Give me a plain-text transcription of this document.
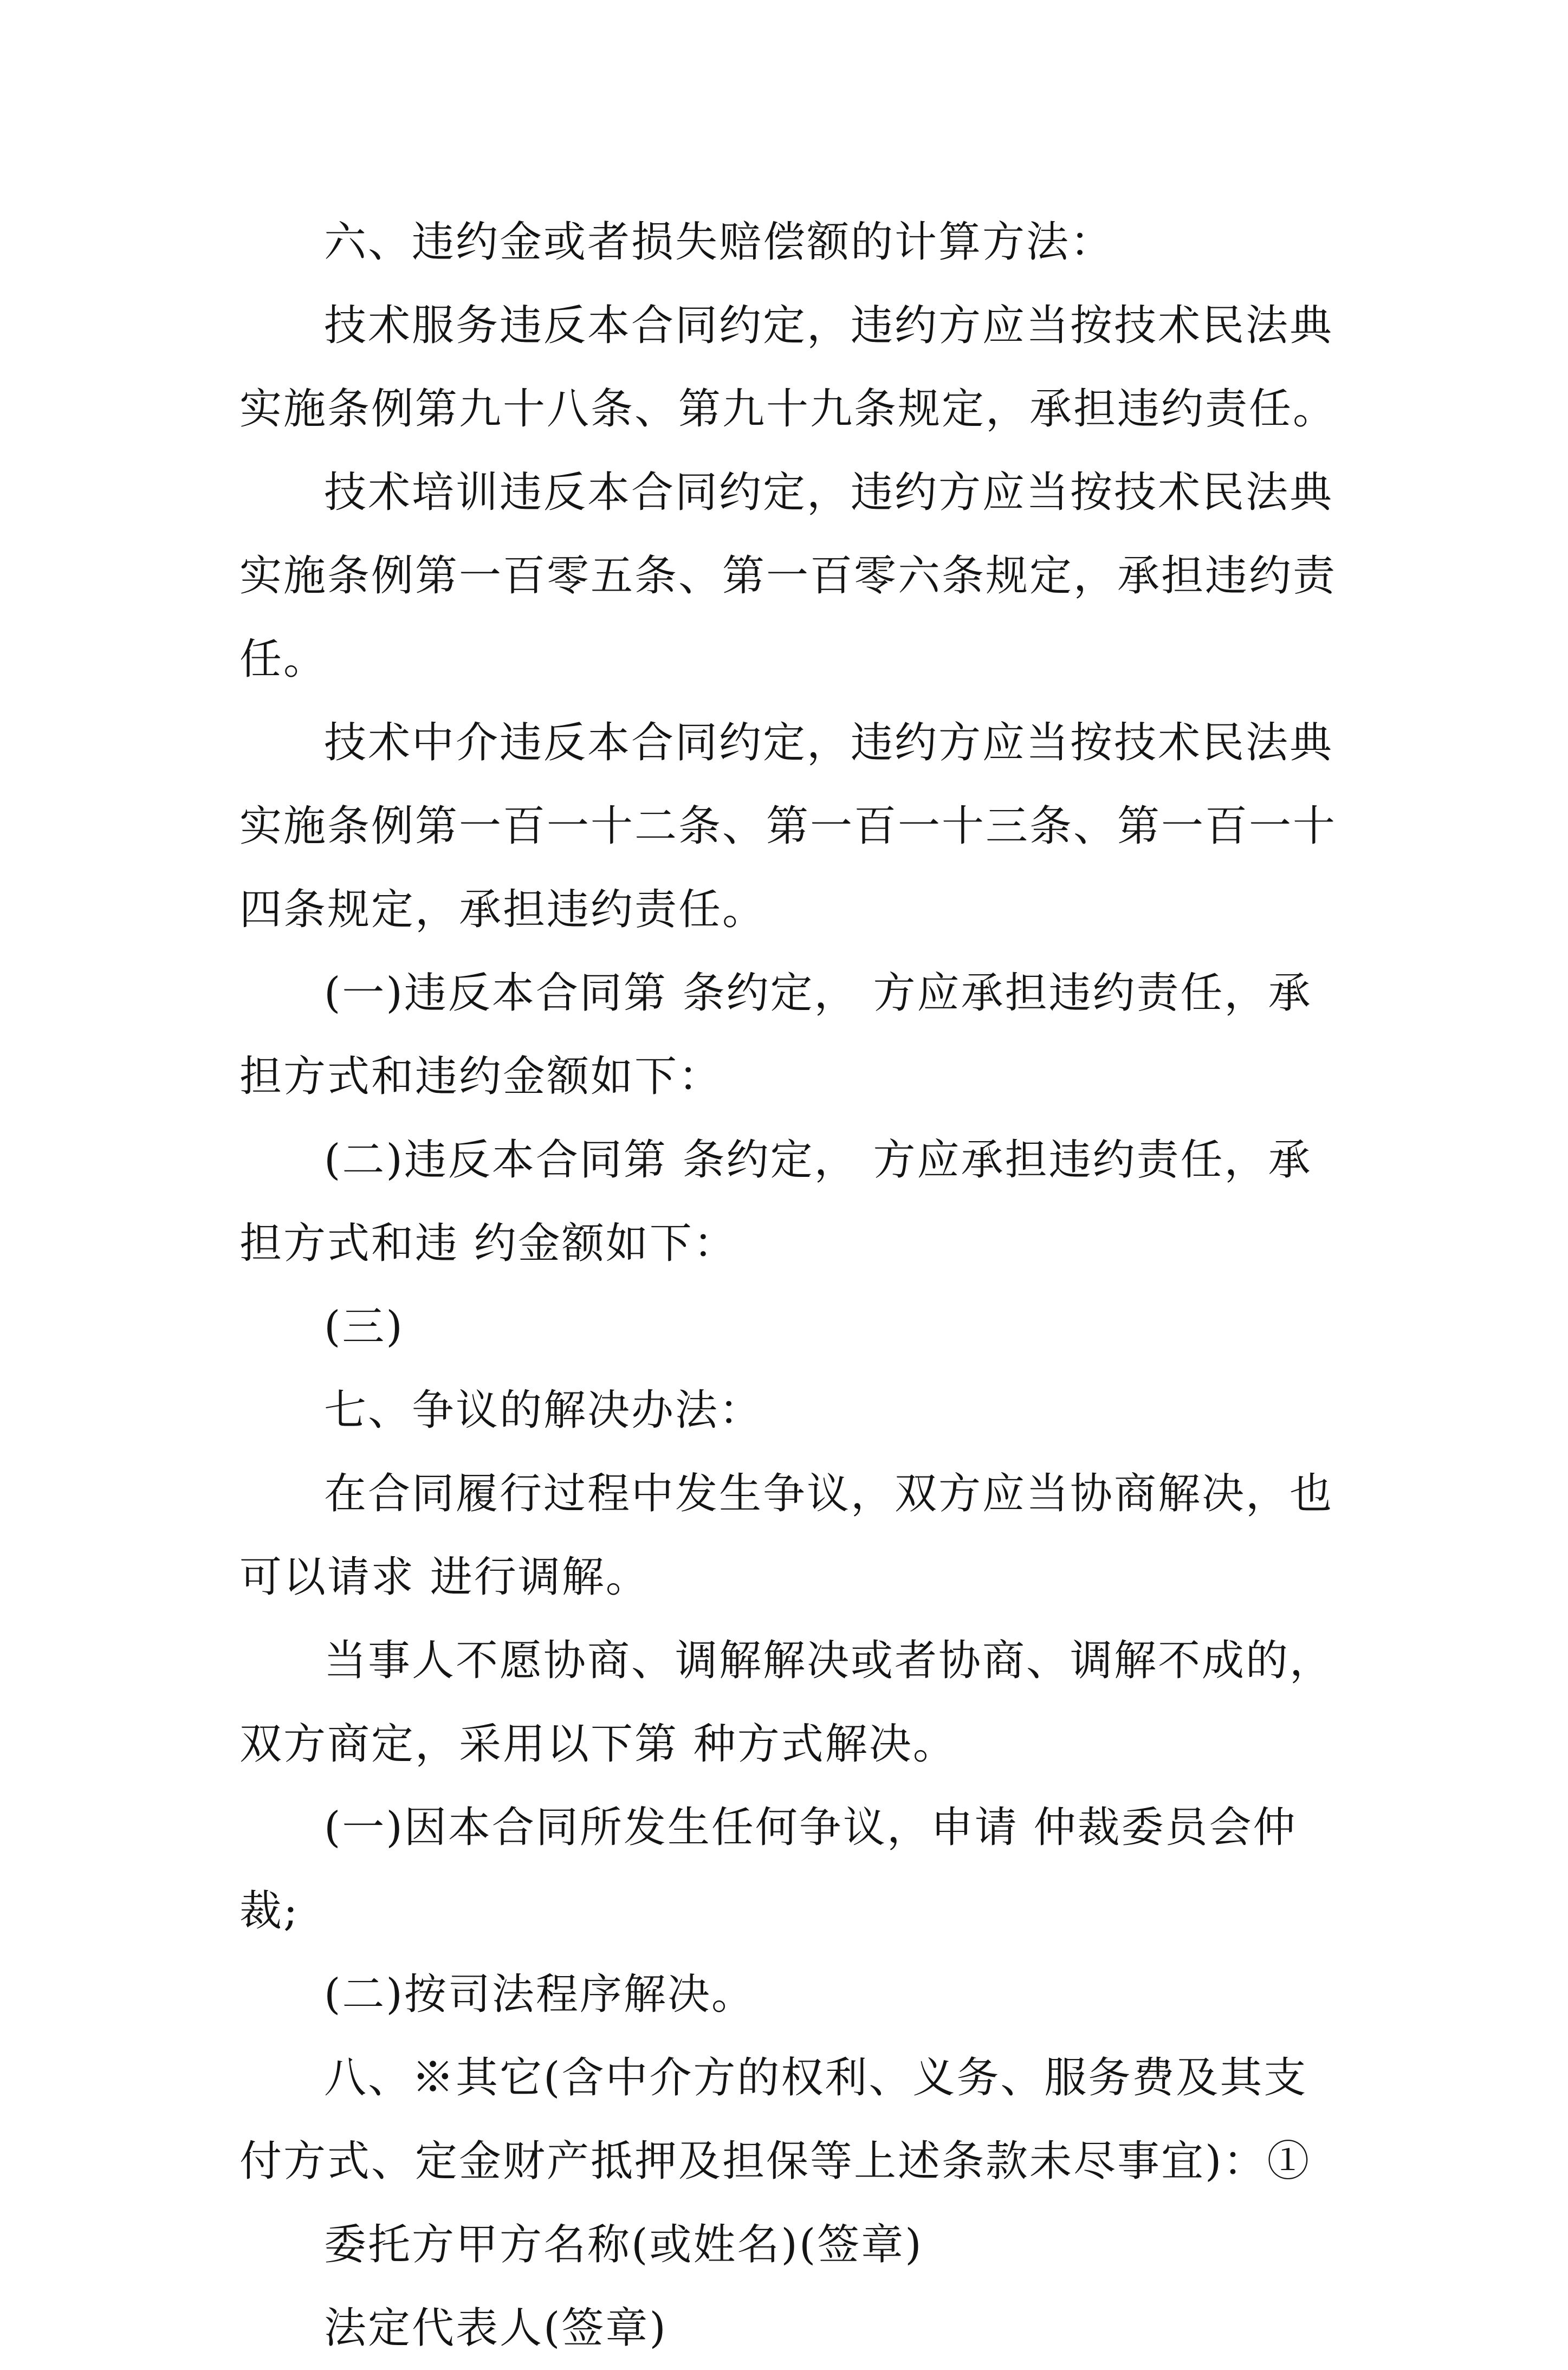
六、违约金或者损失赔偿额的计算方法：

技术服务违反本合同约定，违约方应当按技术民法典实施条例第九十八条、第九十九条规定，承担违约责任。

技术培训违反本合同约定，违约方应当按技术民法典实施条例第一百零五条、第一百零六条规定，承担违约责任。

技术中介违反本合同约定，违约方应当按技术民法典实施条例第一百一十二条、第一百一十三条、第一百一十四条规定，承担违约责任。

(一)违反本合同第 条约定， 方应承担违约责任，承担方式和违约金额如下：

(二)违反本合同第 条约定， 方应承担违约责任，承担方式和违 约金额如下：

(三)

七、争议的解决办法：

在合同履行过程中发生争议，双方应当协商解决，也可以请求 进行调解。

当事人不愿协商、调解解决或者协商、调解不成的，双方商定，采用以下第 种方式解决。

(一)因本合同所发生任何争议，申请 仲裁委员会仲裁;

(二)按司法程序解决。

八、※其它(含中介方的权利、义务、服务费及其支付方式、定金财产抵押及担保等上述条款未尽事宜)：①

委托方甲方名称(或姓名)(签章)

法定代表人(签章)
